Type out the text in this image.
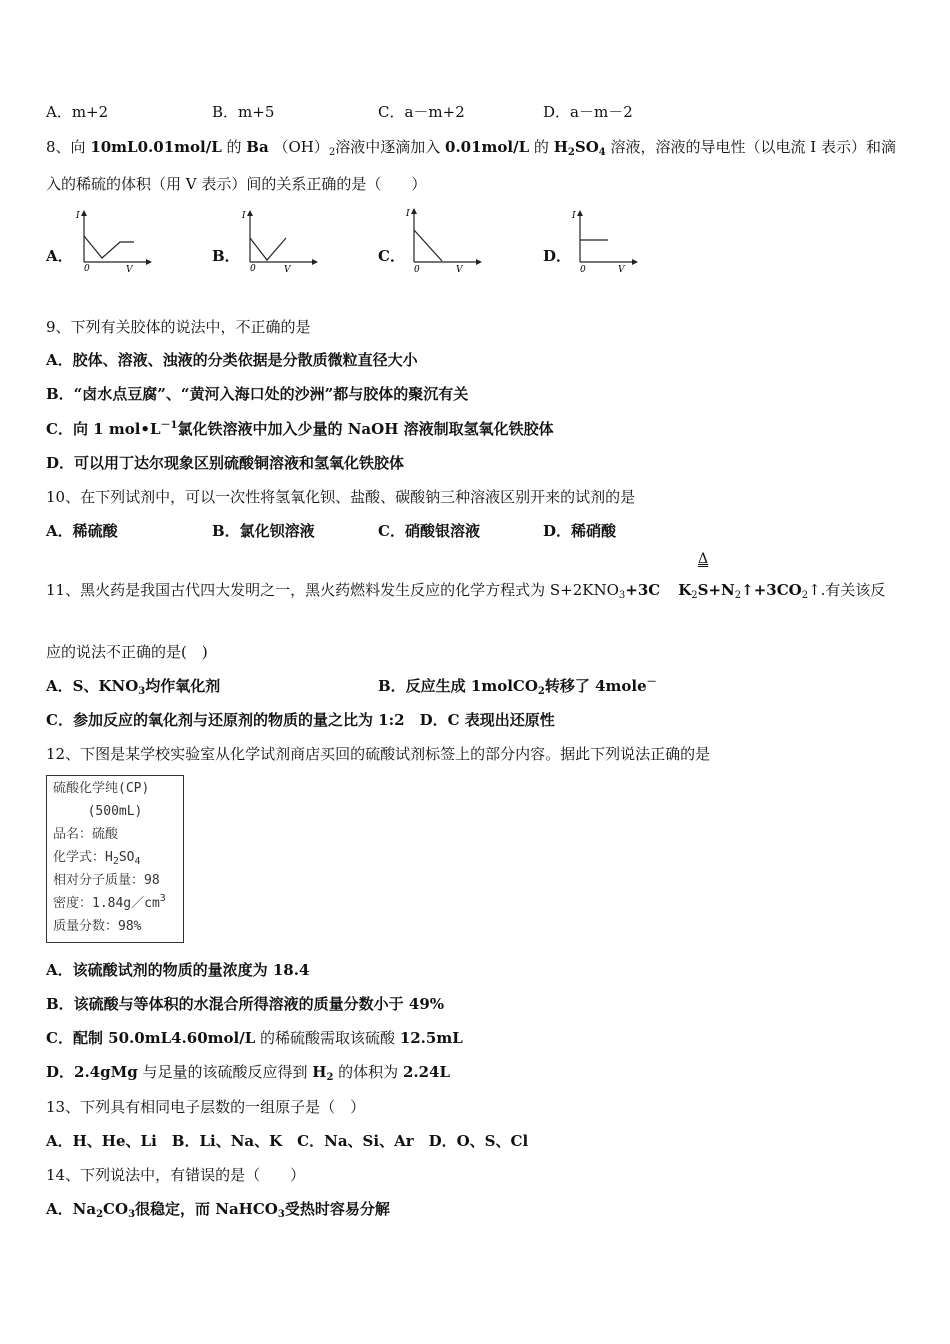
A．m+2	B．m+5	C．a－m+2	D．a－m－2
8、向 10mL0.01mol/L 的 Ba $(OH)_2$溶液中逐滴加入 0.01mol/L 的 $H_2SO_4$ 溶液，溶液的导电性（以电流 I 表示）和滴
入的稀硫的体积（用 V 表示）间的关系正确的是（　　）
A．	B．	C．	D．
I
0	V
I
0	V
I
0	V
I
0	V
9、下列有关胶体的说法中，不正确的是
A．胶体、溶液、浊液的分类依据是分散质微粒直径大小
B．“卤水点豆腐”、“黄河入海口处的沙洲”都与胶体的聚沉有关
C．向 1 $mol•L^{-1}$氯化铁溶液中加入少量的 NaOH 溶液制取氢氧化铁胶体
D．可以用丁达尔现象区别硫酸铜溶液和氢氧化铁胶体
10、在下列试剂中，可以一次性将氢氧化钡、盐酸、碳酸钠三种溶液区别开来的试剂的是
A．稀硫酸	B．氯化钡溶液	C．硝酸银溶液	D．稀硝酸
Δ
11、黑火药是我国古代四大发明之一，黑火药燃料发生反应的化学方程式为 $S+2KNO_3+3C$ $K_2S+N_2↑+3CO_2↑$.有关该反
应的说法不正确的是(　)
A．S、$KNO_3$均作氧化剂	B．反应生成 1molCO$_2$转移了 4mole－
C．参加反应的氧化剂与还原剂的物质的量之比为 1:2　D．C 表现出还原性
12、下图是某学校实验室从化学试剂商店买回的硫酸试剂标签上的部分内容。据此下列说法正确的是
硫酸化学纯(CP)
(500mL)
品名：硫酸
化学式：$H_2SO_4$
相对分子质量：98
密度：$1.84g/cm^3$
质量分数：98%
A．该硫酸试剂的物质的量浓度为 18.4
B．该硫酸与等体积的水混合所得溶液的质量分数小于 49%
C．配制 50.0mL4.60mol/L 的稀硫酸需取该硫酸 12.5mL
D．2.4gMg 与足量的该硫酸反应得到 $H_2$ 的体积为 2.24L
13、下列具有相同电子层数的一组原子是（　）
A．H、He、Li　B．Li、Na、K　C．Na、Si、Ar　D．O、S、Cl
14、下列说法中，有错误的是（　　）
A．$Na_2CO_3$很稳定，而 NaHCO$_3$受热时容易分解
